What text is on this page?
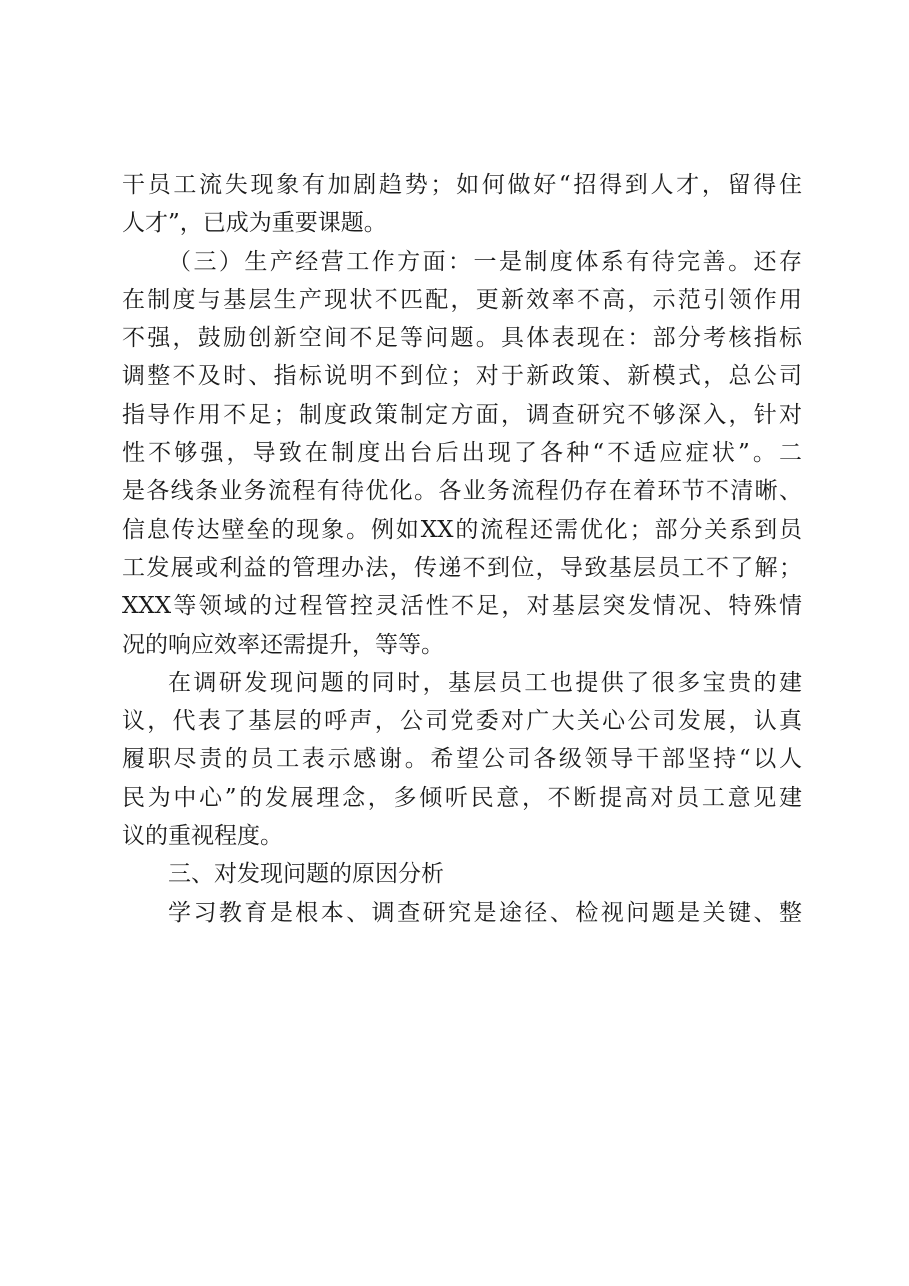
干员工流失现象有加剧趋势；如何做好“招得到人才，留得住
人才”，已成为重要课题。
（三）生产经营工作方面：一是制度体系有待完善。还存
在制度与基层生产现状不匹配，更新效率不高，示范引领作用
不强，鼓励创新空间不足等问题。具体表现在：部分考核指标
调整不及时、指标说明不到位；对于新政策、新模式，总公司
指导作用不足；制度政策制定方面，调查研究不够深入，针对
性不够强，导致在制度出台后出现了各种“不适应症状”。二
是各线条业务流程有待优化。各业务流程仍存在着环节不清晰、
信息传达壁垒的现象。例如XX的流程还需优化；部分关系到员
工发展或利益的管理办法，传递不到位，导致基层员工不了解；
XXX等领域的过程管控灵活性不足，对基层突发情况、特殊情
况的响应效率还需提升，等等。
在调研发现问题的同时，基层员工也提供了很多宝贵的建
议，代表了基层的呼声，公司党委对广大关心公司发展，认真
履职尽责的员工表示感谢。希望公司各级领导干部坚持“以人
民为中心”的发展理念，多倾听民意，不断提高对员工意见建
议的重视程度。
三、对发现问题的原因分析
学习教育是根本、调查研究是途径、检视问题是关键、整
